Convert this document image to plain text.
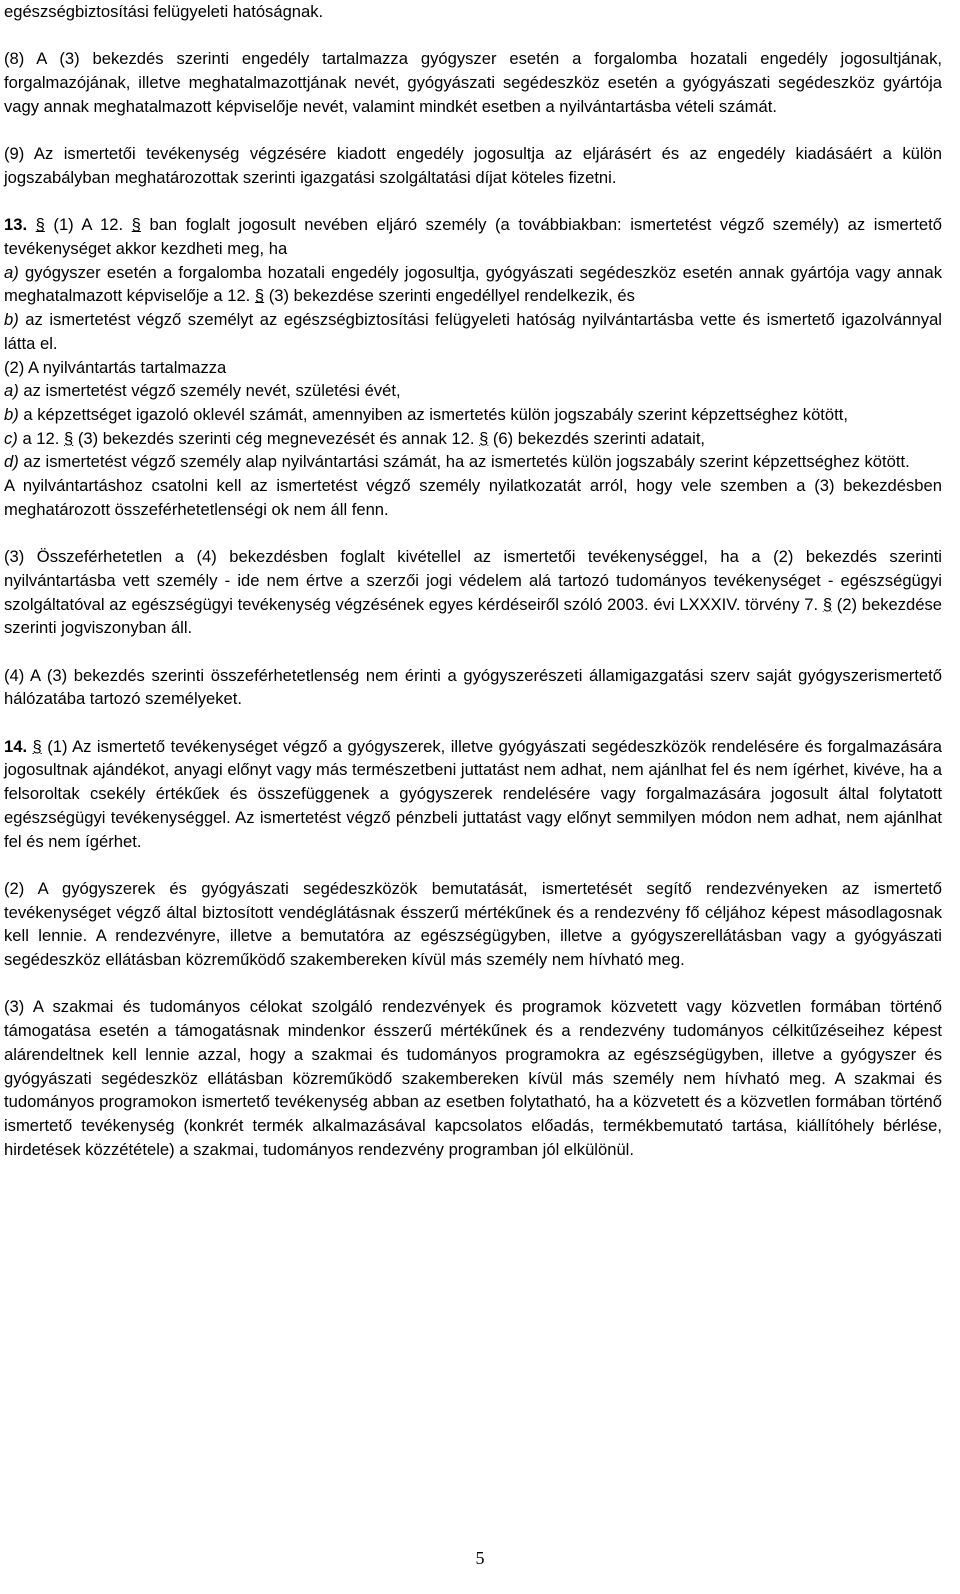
egészségbiztosítási felügyeleti hatóságnak.

(8) A (3) bekezdés szerinti engedély tartalmazza gyógyszer esetén a forgalomba hozatali engedély jogosultjának, forgalmazójának, illetve meghatalmazottjának nevét, gyógyászati segédeszköz esetén a gyógyászati segédeszköz gyártója vagy annak meghatalmazott képviselője nevét, valamint mindkét esetben a nyilvántartásba vételi számát.

(9) Az ismertetői tevékenység végzésére kiadott engedély jogosultja az eljárásért és az engedély kiadásáért a külön jogszabályban meghatározottak szerinti igazgatási szolgáltatási díjat köteles fizetni.

13. § (1) A 12. § ban foglalt jogosult nevében eljáró személy (a továbbiakban: ismertetést végző személy) az ismertető tevékenységet akkor kezdheti meg, ha

a) gyógyszer esetén a forgalomba hozatali engedély jogosultja, gyógyászati segédeszköz esetén annak gyártója vagy annak meghatalmazott képviselője a 12. § (3) bekezdése szerinti engedéllyel rendelkezik, és

b) az ismertetést végző személyt az egészségbiztosítási felügyeleti hatóság nyilvántartásba vette és ismertető igazolvánnyal látta el.

(2) A nyilvántartás tartalmazza

a) az ismertetést végző személy nevét, születési évét,

b) a képzettséget igazoló oklevél számát, amennyiben az ismertetés külön jogszabály szerint képzettséghez kötött,

c) a 12. § (3) bekezdés szerinti cég megnevezését és annak 12. § (6) bekezdés szerinti adatait,

d) az ismertetést végző személy alap nyilvántartási számát, ha az ismertetés külön jogszabály szerint képzettséghez kötött.

A nyilvántartáshoz csatolni kell az ismertetést végző személy nyilatkozatát arról, hogy vele szemben a (3) bekezdésben meghatározott összeférhetetlenségi ok nem áll fenn.

(3) Összeférhetetlen a (4) bekezdésben foglalt kivétellel az ismertetői tevékenységgel, ha a (2) bekezdés szerinti nyilvántartásba vett személy - ide nem értve a szerzői jogi védelem alá tartozó tudományos tevékenységet - egészségügyi szolgáltatóval az egészségügyi tevékenység végzésének egyes kérdéseiről szóló 2003. évi LXXXIV. törvény 7. § (2) bekezdése szerinti jogviszonyban áll.

(4) A (3) bekezdés szerinti összeférhetetlenség nem érinti a gyógyszerészeti államigazgatási szerv saját gyógyszerismertető hálózatába tartozó személyeket.

14. § (1) Az ismertető tevékenységet végző a gyógyszerek, illetve gyógyászati segédeszközök rendelésére és forgalmazására jogosultnak ajándékot, anyagi előnyt vagy más természetbeni juttatást nem adhat, nem ajánlhat fel és nem ígérhet, kivéve, ha a felsoroltak csekély értékűek és összefüggenek a gyógyszerek rendelésére vagy forgalmazására jogosult által folytatott egészségügyi tevékenységgel. Az ismertetést végző pénzbeli juttatást vagy előnyt semmilyen módon nem adhat, nem ajánlhat fel és nem ígérhet.

(2) A gyógyszerek és gyógyászati segédeszközök bemutatását, ismertetését segítő rendezvényeken az ismertető tevékenységet végző által biztosított vendéglátásnak ésszerű mértékűnek és a rendezvény fő céljához képest másodlagosnak kell lennie. A rendezvényre, illetve a bemutatóra az egészségügyben, illetve a gyógyszerellátásban vagy a gyógyászati segédeszköz ellátásban közreműködő szakembereken kívül más személy nem hívható meg.

(3) A szakmai és tudományos célokat szolgáló rendezvények és programok közvetett vagy közvetlen formában történő támogatása esetén a támogatásnak mindenkor ésszerű mértékűnek és a rendezvény tudományos célkitűzéseihez képest alárendeltnek kell lennie azzal, hogy a szakmai és tudományos programokra az egészségügyben, illetve a gyógyszer és gyógyászati segédeszköz ellátásban közreműködő szakembereken kívül más személy nem hívható meg. A szakmai és tudományos programokon ismertető tevékenység abban az esetben folytatható, ha a közvetett és a közvetlen formában történő ismertető tevékenység (konkrét termék alkalmazásával kapcsolatos előadás, termékbemutató tartása, kiállítóhely bérlése, hirdetések közzététele) a szakmai, tudományos rendezvény programban jól elkülönül.

5
